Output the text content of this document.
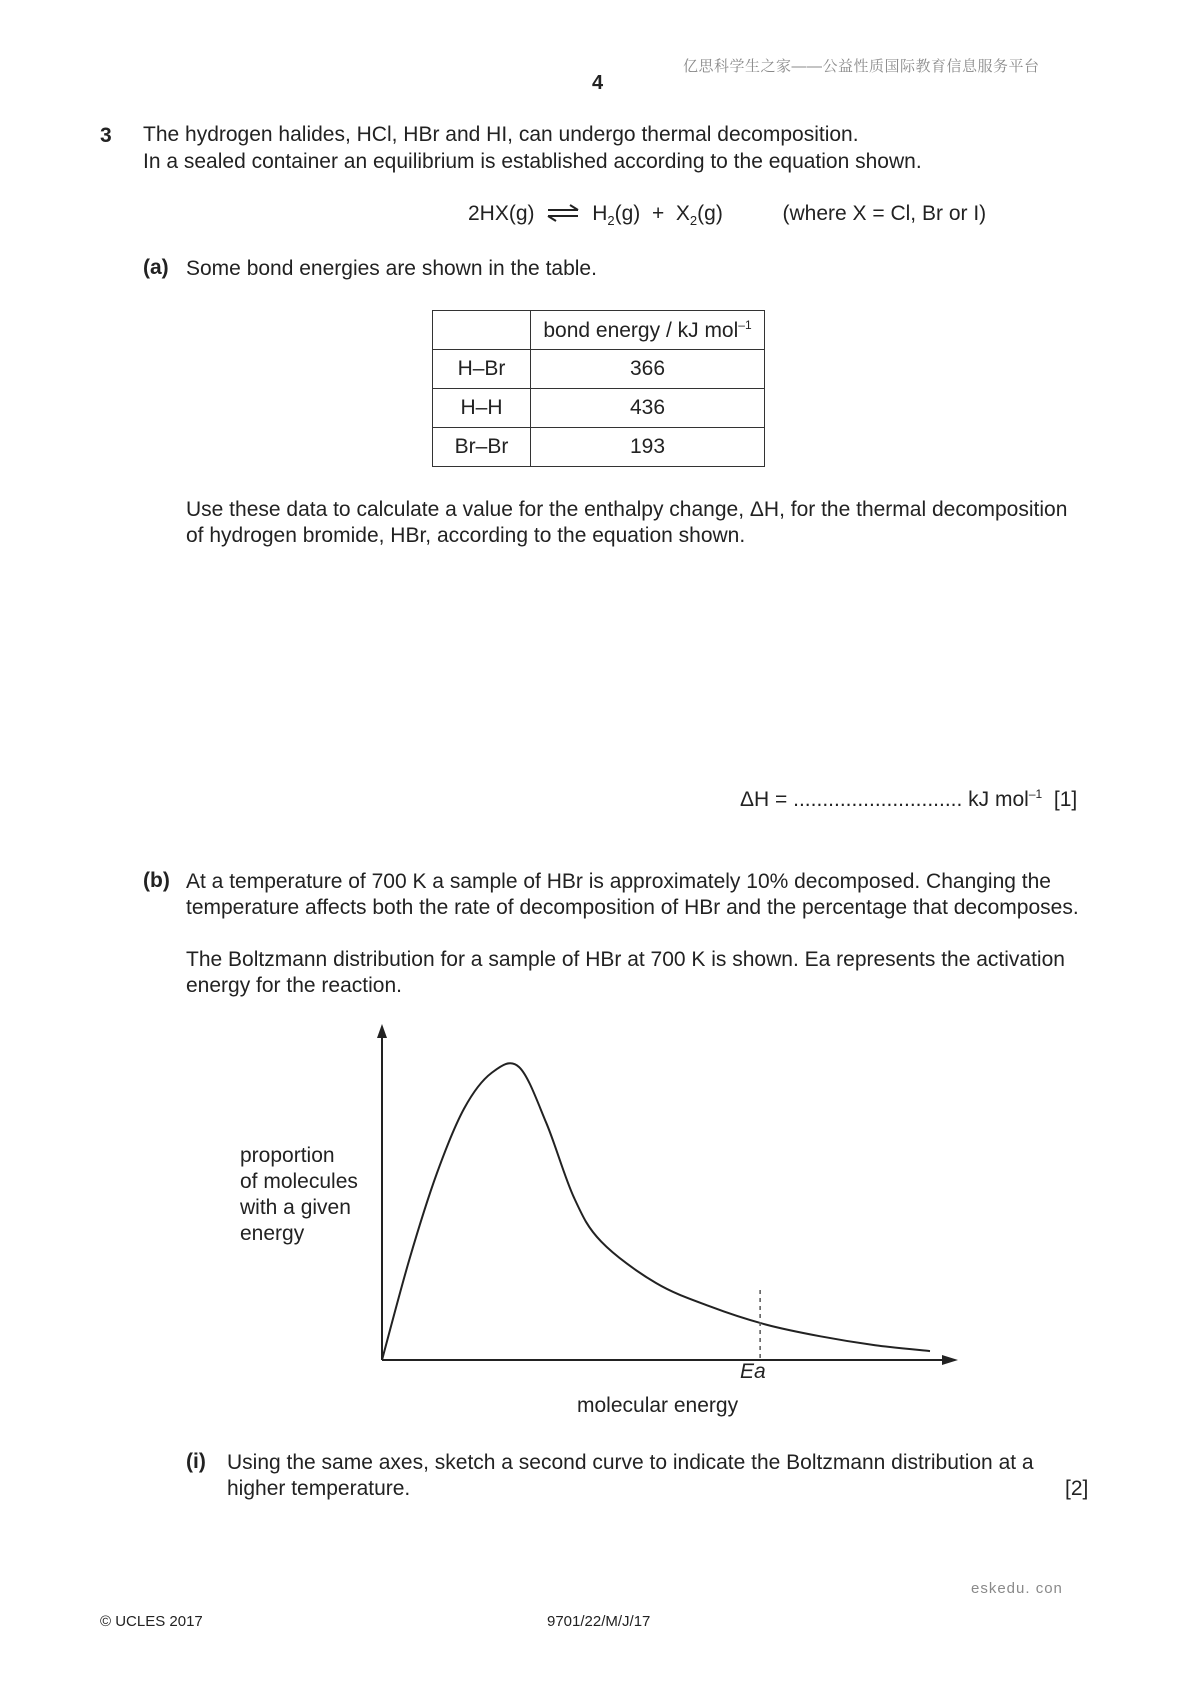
亿思科学生之家——公益性质国际教育信息服务平台
4
3 The hydrogen halides, HCl, HBr and HI, can undergo thermal decomposition.
In a sealed container an equilibrium is established according to the equation shown.
2HX(g) ⇌ $H_2(g) + X_2(g)$	(where X = Cl, Br or I)
(a) Some bond energies are shown in the table.
	bond energy / kJ mol$^{-1}$
H–Br	366
H–H	436
Br–Br	193
Use these data to calculate a value for the enthalpy change, ΔH, for the thermal decomposition
of hydrogen bromide, HBr, according to the equation shown.
ΔH = ............................. kJ mol$^{-1}$ [1]
(b) At a temperature of 700 K a sample of HBr is approximately 10% decomposed. Changing the
temperature affects both the rate of decomposition of HBr and the percentage that decomposes.
The Boltzmann distribution for a sample of HBr at 700 K is shown. Ea represents the activation
energy for the reaction.
proportion
of molecules
with a given
energy
Ea
molecular energy
(i) Using the same axes, sketch a second curve to indicate the Boltzmann distribution at a
higher temperature.	[2]
eskedu. con
© UCLES 2017	9701/22/M/J/17
